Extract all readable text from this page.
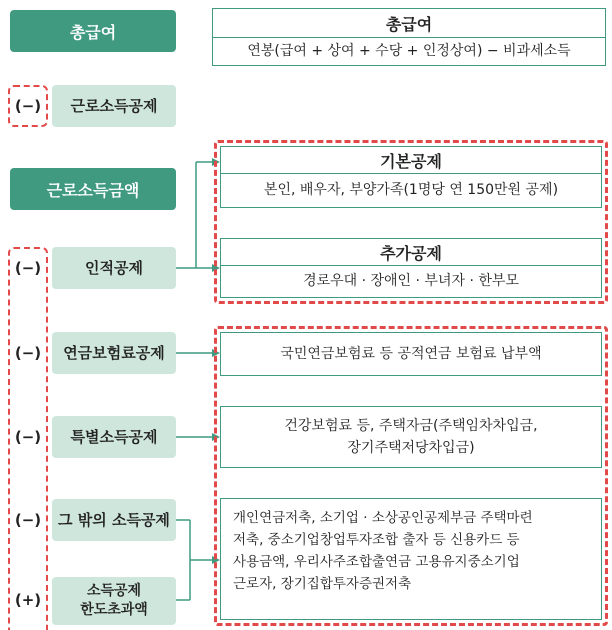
총급여
(−)	근로소득공제
근로소득금액
(−)	인적공제
(−)	연금보험료공제
(−)	특별소득공제
(−)	그 밖의 소득공제
(+)	소득공제
한도초과액
총급여
연봉(급여 + 상여 + 수당 + 인정상여) − 비과세소득
기본공제
본인, 배우자, 부양가족(1명당 연 150만원 공제)
추가공제
경로우대 · 장애인 · 부녀자 · 한부모
국민연금보험료 등 공적연금 보험료 납부액
건강보험료 등, 주택자금(주택임차차입금,
장기주택저당차입금)
개인연금저축, 소기업 · 소상공인공제부금 주택마련
저축, 중소기업창업투자조합 출자 등 신용카드 등
사용금액, 우리사주조합출연금 고용유지중소기업
근로자, 장기집합투자증권저축
